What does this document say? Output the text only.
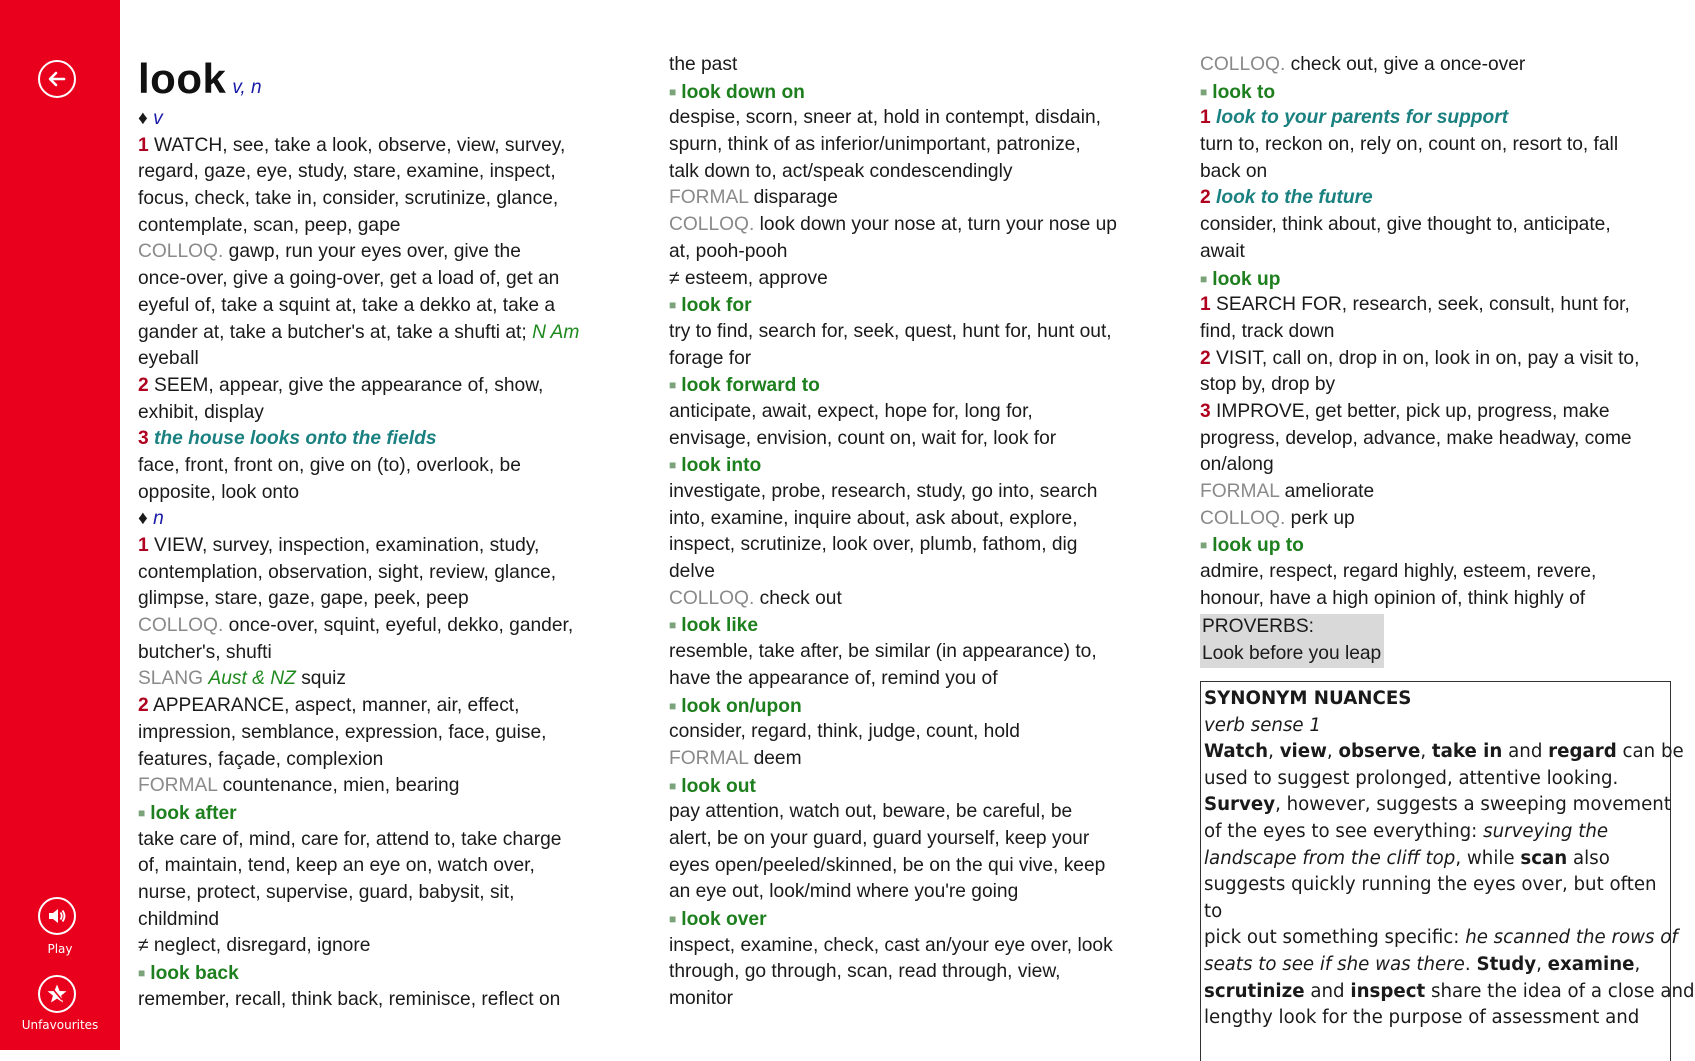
Play
Unfavourites
look v, n
♦ v
1 WATCH, see, take a look, observe, view, survey,
regard, gaze, eye, study, stare, examine, inspect,
focus, check, take in, consider, scrutinize, glance,
contemplate, scan, peep, gape
COLLOQ. gawp, run your eyes over, give the
once-over, give a going-over, get a load of, get an
eyeful of, take a squint at, take a dekko at, take a
gander at, take a butcher's at, take a shufti at; N Am
eyeball
2 SEEM, appear, give the appearance of, show,
exhibit, display
3 the house looks onto the fields
face, front, front on, give on (to), overlook, be
opposite, look onto
♦ n
1 VIEW, survey, inspection, examination, study,
contemplation, observation, sight, review, glance,
glimpse, stare, gaze, gape, peek, peep
COLLOQ. once-over, squint, eyeful, dekko, gander,
butcher's, shufti
SLANG Aust & NZ squiz
2 APPEARANCE, aspect, manner, air, effect,
impression, semblance, expression, face, guise,
features, façade, complexion
FORMAL countenance, mien, bearing
■ look after
take care of, mind, care for, attend to, take charge
of, maintain, tend, keep an eye on, watch over,
nurse, protect, supervise, guard, babysit, sit,
childmind
≠ neglect, disregard, ignore
■ look back
remember, recall, think back, reminisce, reflect on
the past
■ look down on
despise, scorn, sneer at, hold in contempt, disdain,
spurn, think of as inferior/unimportant, patronize,
talk down to, act/speak condescendingly
FORMAL disparage
COLLOQ. look down your nose at, turn your nose up
at, pooh-pooh
≠ esteem, approve
■ look for
try to find, search for, seek, quest, hunt for, hunt out,
forage for
■ look forward to
anticipate, await, expect, hope for, long for,
envisage, envision, count on, wait for, look for
■ look into
investigate, probe, research, study, go into, search
into, examine, inquire about, ask about, explore,
inspect, scrutinize, look over, plumb, fathom, dig
delve
COLLOQ. check out
■ look like
resemble, take after, be similar (in appearance) to,
have the appearance of, remind you of
■ look on/upon
consider, regard, think, judge, count, hold
FORMAL deem
■ look out
pay attention, watch out, beware, be careful, be
alert, be on your guard, guard yourself, keep your
eyes open/peeled/skinned, be on the qui vive, keep
an eye out, look/mind where you're going
■ look over
inspect, examine, check, cast an/your eye over, look
through, go through, scan, read through, view,
monitor
COLLOQ. check out, give a once-over
■ look to
1 look to your parents for support
turn to, reckon on, rely on, count on, resort to, fall
back on
2 look to the future
consider, think about, give thought to, anticipate,
await
■ look up
1 SEARCH FOR, research, seek, consult, hunt for,
find, track down
2 VISIT, call on, drop in on, look in on, pay a visit to,
stop by, drop by
3 IMPROVE, get better, pick up, progress, make
progress, develop, advance, make headway, come
on/along
FORMAL ameliorate
COLLOQ. perk up
■ look up to
admire, respect, regard highly, esteem, revere,
honour, have a high opinion of, think highly of
PROVERBS:
Look before you leap
SYNONYM NUANCES
verb sense 1
Watch, view, observe, take in and regard can be
used to suggest prolonged, attentive looking.
Survey, however, suggests a sweeping movement
of the eyes to see everything: surveying the
landscape from the cliff top, while scan also
suggests quickly running the eyes over, but often to
pick out something specific: he scanned the rows of
seats to see if she was there. Study, examine,
scrutinize and inspect share the idea of a close and
lengthy look for the purpose of assessment and
